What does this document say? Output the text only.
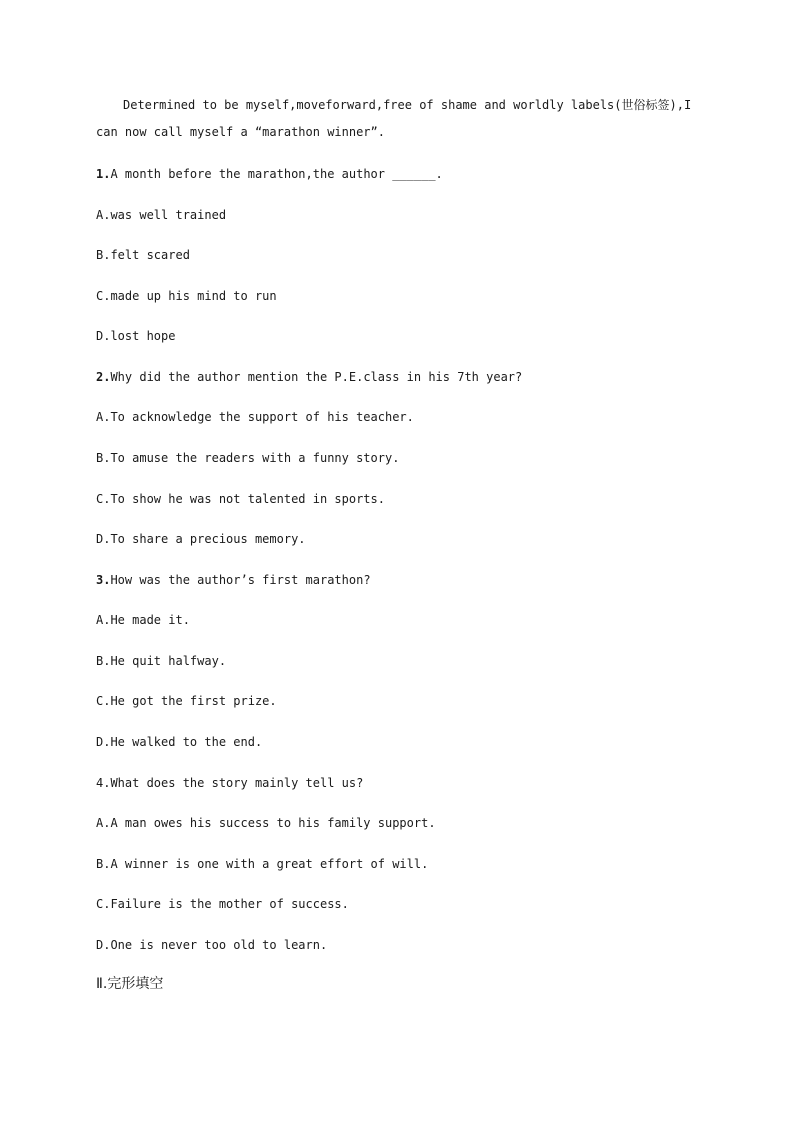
Determined to be myself,moveforward,free of shame and worldly labels(世俗标签),I
can now call myself a “marathon winner”.
1.A month before the marathon,the author ______.
A.was well trained
B.felt scared
C.made up his mind to run
D.lost hope
2.Why did the author mention the P.E.class in his 7th year?
A.To acknowledge the support of his teacher.
B.To amuse the readers with a funny story.
C.To show he was not talented in sports.
D.To share a precious memory.
3.How was the author’s first marathon?
A.He made it.
B.He quit halfway.
C.He got the first prize.
D.He walked to the end.
4.What does the story mainly tell us?
A.A man owes his success to his family support.
B.A winner is one with a great effort of will.
C.Failure is the mother of success.
D.One is never too old to learn.
Ⅱ.完形填空
